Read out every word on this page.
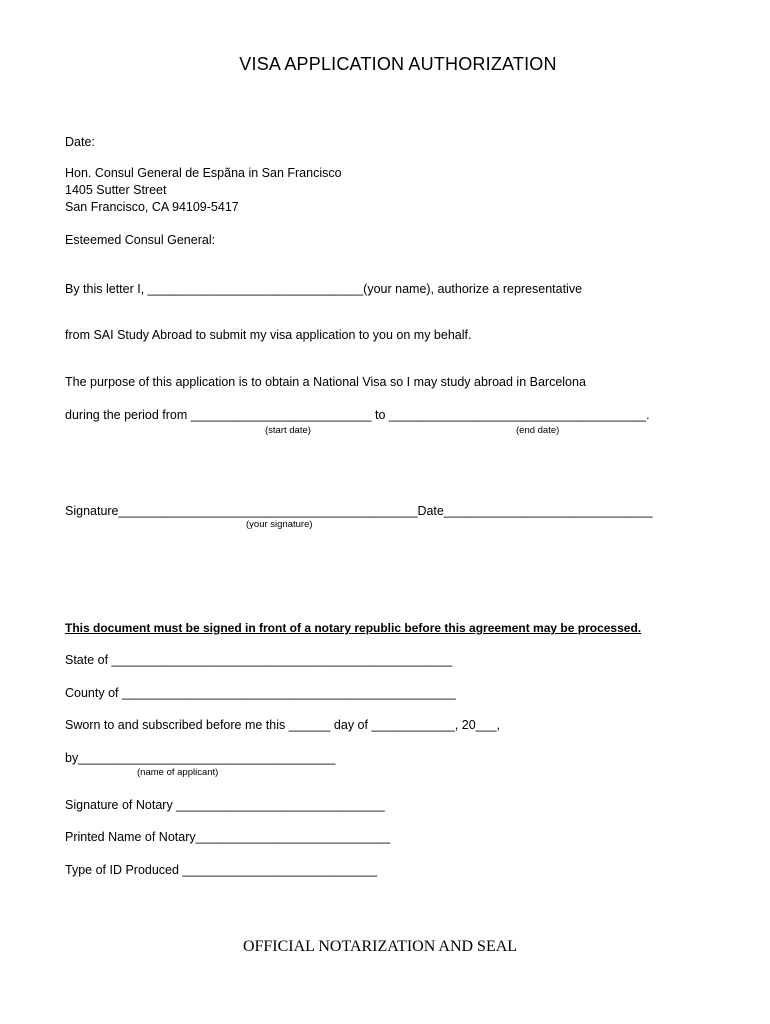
VISA APPLICATION AUTHORIZATION
Date:
Hon. Consul General de Espãna in San Francisco
1405 Sutter Street
San Francisco, CA 94109-5417
Esteemed Consul General:
By this letter I, _______________________________(your name), authorize a representative
from SAI Study Abroad to submit my visa application to you on my behalf.
The purpose of this application is to obtain a National Visa so I may study abroad in Barcelona
during the period from __________________________ to _____________________________________.
(start date)	(end date)
Signature___________________________________________Date______________________________
(your signature)
This document must be signed in front of a notary republic before this agreement may be processed.
State of _________________________________________________
County of ________________________________________________
Sworn to and subscribed before me this ______ day of ____________, 20___,
by_____________________________________
(name of applicant)
Signature of Notary ______________________________
Printed Name of Notary____________________________
Type of ID Produced ____________________________
OFFICIAL NOTARIZATION AND SEAL
